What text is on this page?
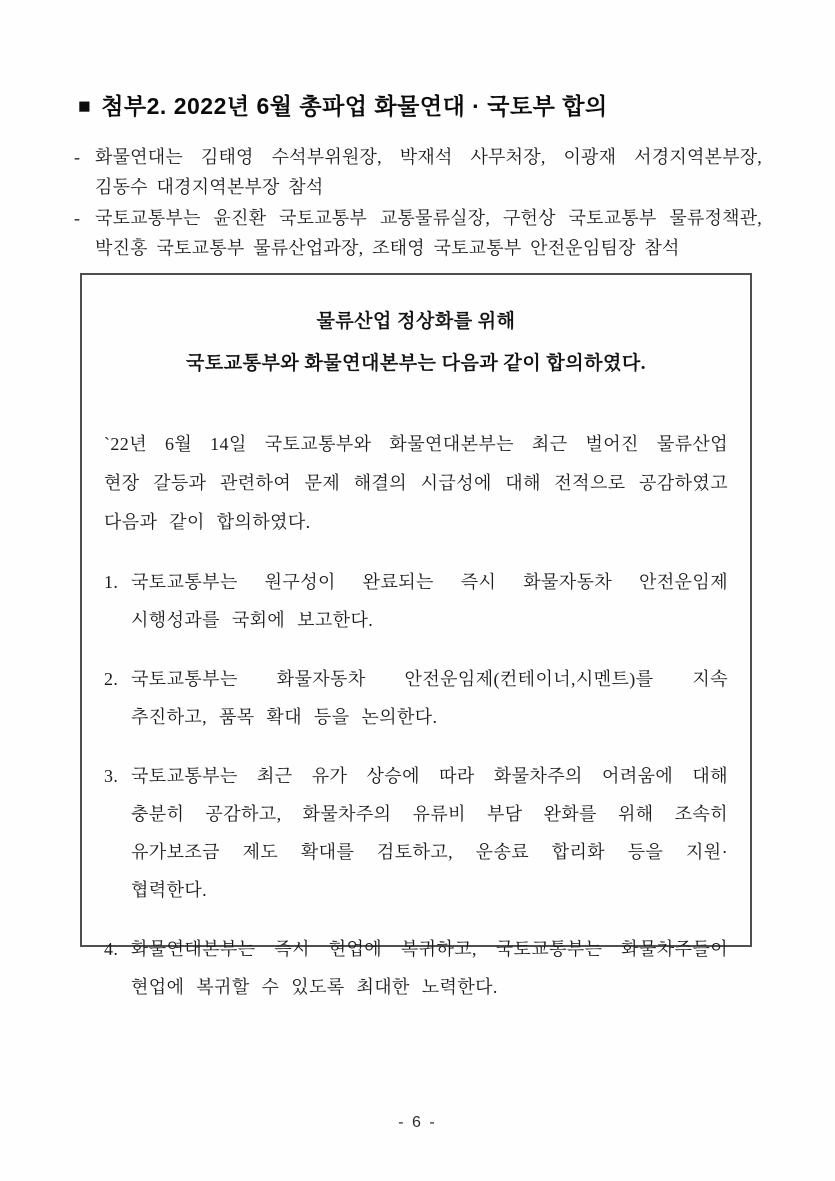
■ 첨부2. 2022년 6월 총파업 화물연대 · 국토부 합의
- 화물연대는 김태영 수석부위원장, 박재석 사무처장, 이광재 서경지역본부장, 김동수 대경지역본부장 참석
- 국토교통부는 윤진환 국토교통부 교통물류실장, 구헌상 국토교통부 물류정책관, 박진홍 국토교통부 물류산업과장, 조태영 국토교통부 안전운임팀장 참석
물류산업 정상화를 위해
국토교통부와 화물연대본부는 다음과 같이 합의하였다.
`22년 6월 14일 국토교통부와 화물연대본부는 최근 벌어진 물류산업 현장 갈등과 관련하여 문제 해결의 시급성에 대해 전적으로 공감하였고 다음과 같이 합의하였다.
1. 국토교통부는 원구성이 완료되는 즉시 화물자동차 안전운임제 시행성과를 국회에 보고한다.
2. 국토교통부는 화물자동차 안전운임제(컨테이너,시멘트)를 지속 추진하고, 품목 확대 등을 논의한다.
3. 국토교통부는 최근 유가 상승에 따라 화물차주의 어려움에 대해 충분히 공감하고, 화물차주의 유류비 부담 완화를 위해 조속히 유가보조금 제도 확대를 검토하고, 운송료 합리화 등을 지원·협력한다.
4. 화물연대본부는 즉시 현업에 복귀하고, 국토교통부는 화물차주들이 현업에 복귀할 수 있도록 최대한 노력한다.
- 6 -
